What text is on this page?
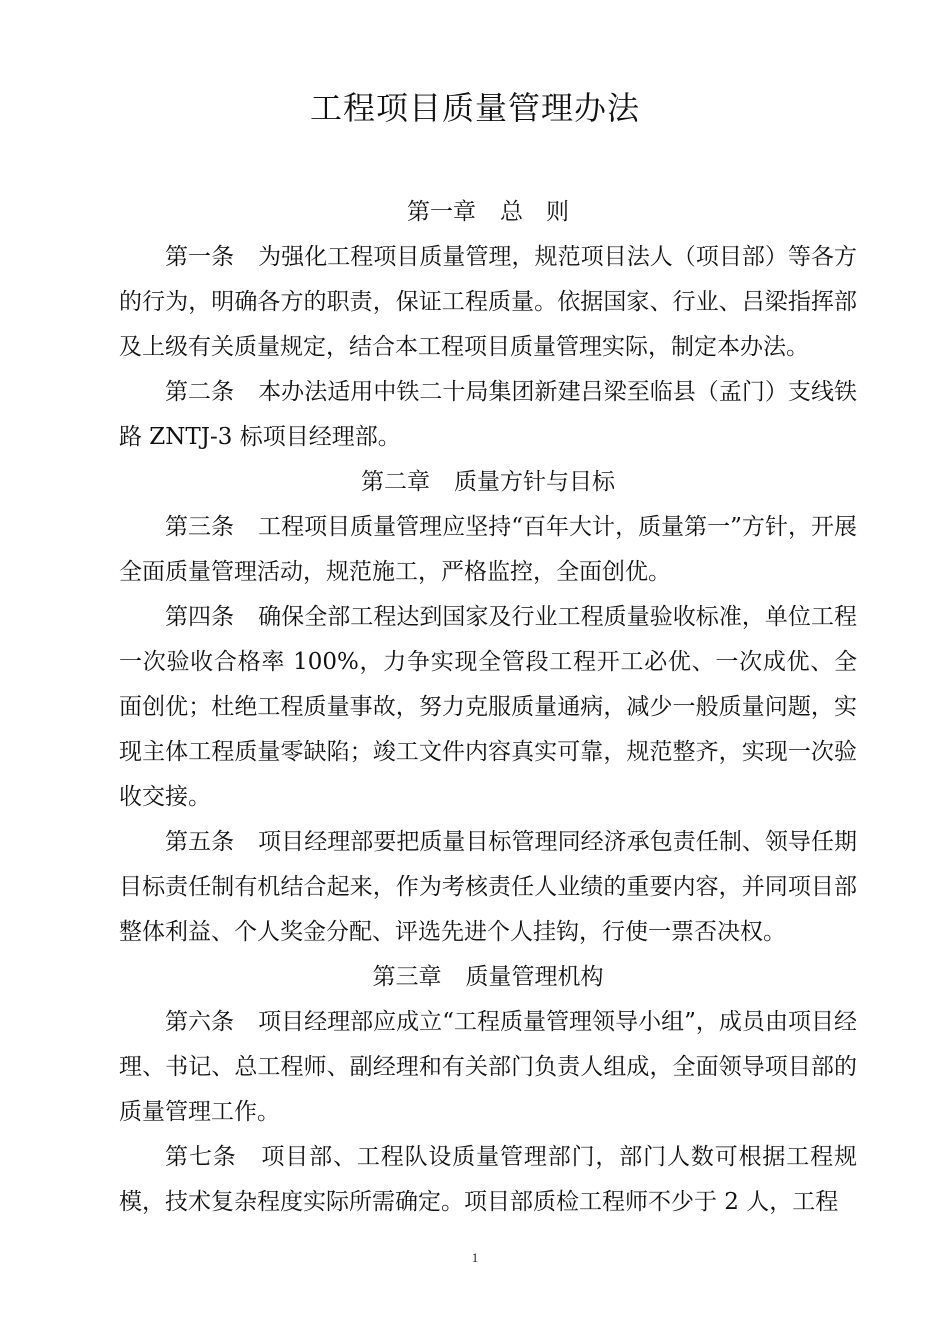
工程项目质量管理办法

第一章 总　则

第一条 为强化工程项目质量管理，规范项目法人（项目部）等各方的行为，明确各方的职责，保证工程质量。依据国家、行业、吕梁指挥部及上级有关质量规定，结合本工程项目质量管理实际，制定本办法。

第二条 本办法适用中铁二十局集团新建吕梁至临县（孟门）支线铁路 ZNTJ-3 标项目经理部。

第二章 质量方针与目标

第三条 工程项目质量管理应坚持“百年大计，质量第一”方针，开展全面质量管理活动，规范施工，严格监控，全面创优。

第四条 确保全部工程达到国家及行业工程质量验收标准，单位工程一次验收合格率 100%，力争实现全管段工程开工必优、一次成优、全面创优；杜绝工程质量事故，努力克服质量通病，减少一般质量问题，实现主体工程质量零缺陷；竣工文件内容真实可靠，规范整齐，实现一次验收交接。

第五条 项目经理部要把质量目标管理同经济承包责任制、领导任期目标责任制有机结合起来，作为考核责任人业绩的重要内容，并同项目部整体利益、个人奖金分配、评选先进个人挂钩，行使一票否决权。

第三章 质量管理机构

第六条 项目经理部应成立“工程质量管理领导小组”，成员由项目经理、书记、总工程师、副经理和有关部门负责人组成，全面领导项目部的质量管理工作。

第七条 项目部、工程队设质量管理部门，部门人数可根据工程规模，技术复杂程度实际所需确定。项目部质检工程师不少于 2 人，工程

1
